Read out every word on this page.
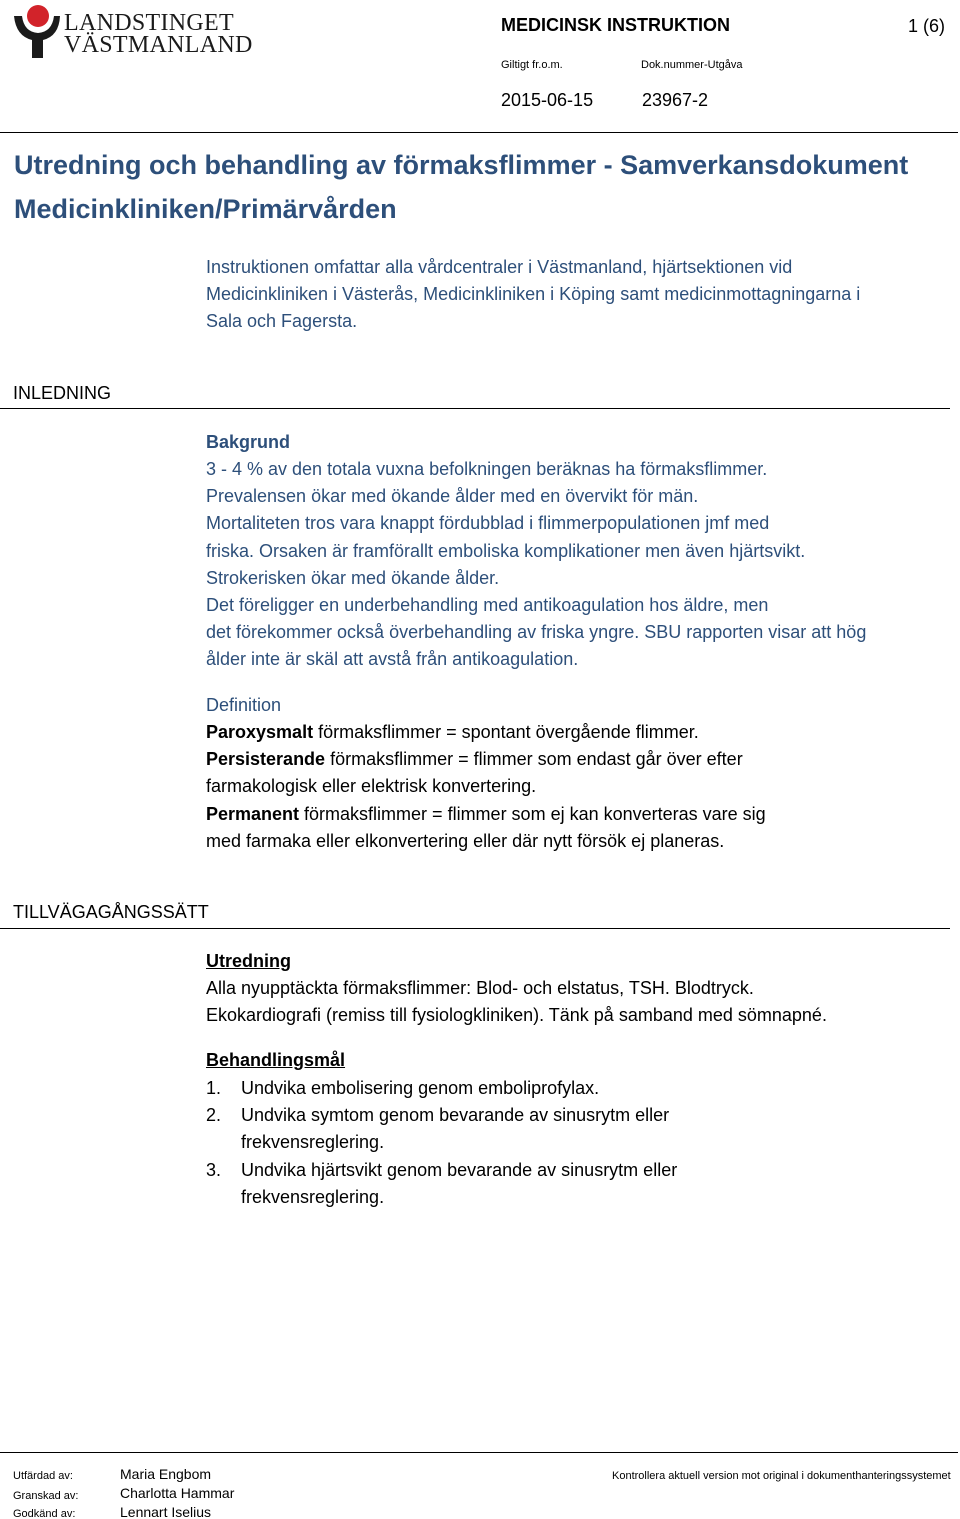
LANDSTINGET
VÄSTMANLAND
MEDICINSK INSTRUKTION	1 (6)
Giltigt fr.o.m.	Dok.nummer-Utgåva
2015-06-15	23967-2
Utredning och behandling av förmaksflimmer - Samverkansdokument
Medicinkliniken/Primärvården
Instruktionen omfattar alla vårdcentraler i Västmanland, hjärtsektionen vid
Medicinkliniken i Västerås, Medicinkliniken i Köping samt medicinmottagningarna i
Sala och Fagersta.
INLEDNING
Bakgrund
3 - 4 % av den totala vuxna befolkningen beräknas ha förmaksflimmer.
Prevalensen ökar med ökande ålder med en övervikt för män.
Mortaliteten tros vara knappt fördubblad i flimmerpopulationen jmf med
friska. Orsaken är framförallt emboliska komplikationer men även hjärtsvikt.
Strokerisken ökar med ökande ålder.
Det föreligger en underbehandling med antikoagulation hos äldre, men
det förekommer också överbehandling av friska yngre. SBU rapporten visar att hög
ålder inte är skäl att avstå från antikoagulation.
Definition
Paroxysmalt förmaksflimmer = spontant övergående flimmer.
Persisterande förmaksflimmer = flimmer som endast går över efter
farmakologisk eller elektrisk konvertering.
Permanent förmaksflimmer = flimmer som ej kan konverteras vare sig
med farmaka eller elkonvertering eller där nytt försök ej planeras.
TILLVÄGAGÅNGSSÄTT
Utredning
Alla nyupptäckta förmaksflimmer: Blod- och elstatus, TSH. Blodtryck.
Ekokardiografi (remiss till fysiologkliniken). Tänk på samband med sömnapné.
Behandlingsmål
1. Undvika embolisering genom emboliprofylax.
2. Undvika symtom genom bevarande av sinusrytm eller frekvensreglering.
3. Undvika hjärtsvikt genom bevarande av sinusrytm eller frekvensreglering.
Utfärdad av:	Maria Engbom
Granskad av:	Charlotta Hammar
Godkänd av:	Lennart Iselius
Kontrollera aktuell version mot original i dokumenthanteringssystemet
